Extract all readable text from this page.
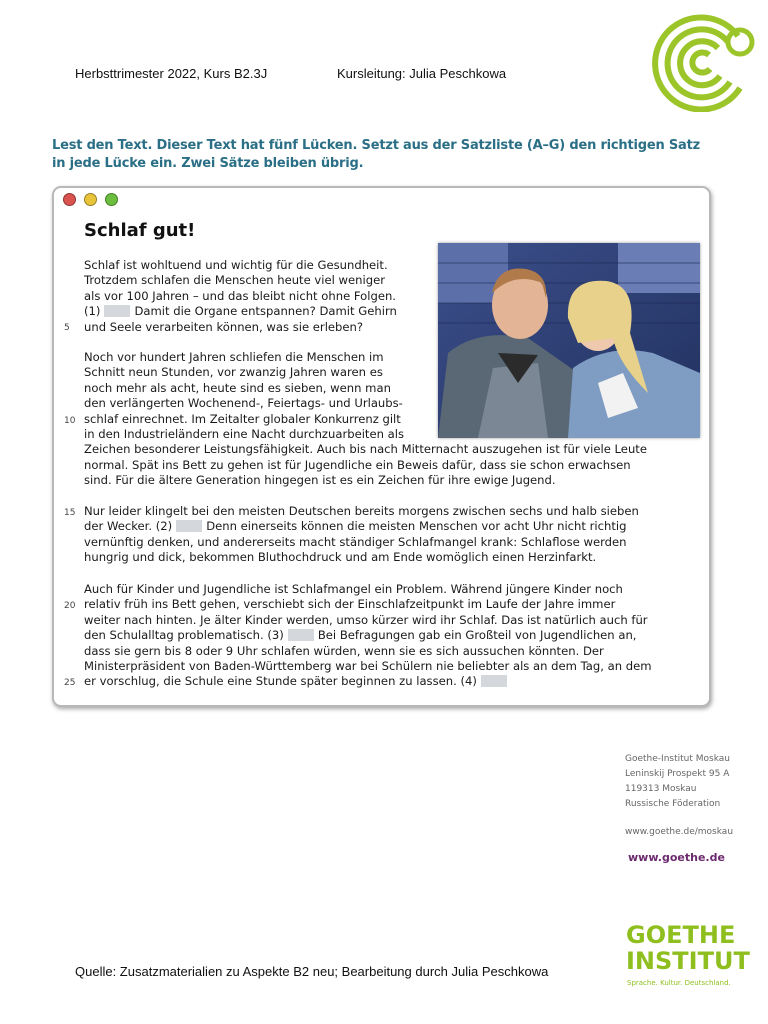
Herbsttrimester 2022, Kurs B2.3J	Kursleitung: Julia Peschkowa
Lest den Text. Dieser Text hat fünf Lücken. Setzt aus der Satzliste (A–G) den richtigen Satz in jede Lücke ein. Zwei Sätze bleiben übrig.
Schlaf gut!

Schlaf ist wohltuend und wichtig für die Gesundheit.

Trotzdem schlafen die Menschen heute viel weniger

als vor 100 Jahren – und das bleibt nicht ohne Folgen.

(1)	Damit die Organe entspannen? Damit Gehirn

und Seele verarbeiten können, was sie erleben?

Noch vor hundert Jahren schliefen die Menschen im

Schnitt neun Stunden, vor zwanzig Jahren waren es

noch mehr als acht, heute sind es sieben, wenn man

den verlängerten Wochenend-, Feiertags- und Urlaubs-

schlaf einrechnet. Im Zeitalter globaler Konkurrenz gilt

in den Industrieländern eine Nacht durchzuarbeiten als

Zeichen besonderer Leistungsfähigkeit. Auch bis nach Mitternacht auszugehen ist für viele Leute

normal. Spät ins Bett zu gehen ist für Jugendliche ein Beweis dafür, dass sie schon erwachsen

sind. Für die ältere Generation hingegen ist es ein Zeichen für ihre ewige Jugend.

Nur leider klingelt bei den meisten Deutschen bereits morgens zwischen sechs und halb sieben

der Wecker. (2)	Denn einerseits können die meisten Menschen vor acht Uhr nicht richtig

vernünftig denken, und andererseits macht ständiger Schlafmangel krank: Schlaflose werden

hungrig und dick, bekommen Bluthochdruck und am Ende womöglich einen Herzinfarkt.

Auch für Kinder und Jugendliche ist Schlafmangel ein Problem. Während jüngere Kinder noch

relativ früh ins Bett gehen, verschiebt sich der Einschlafzeitpunkt im Laufe der Jahre immer

weiter nach hinten. Je älter Kinder werden, umso kürzer wird ihr Schlaf. Das ist natürlich auch für

den Schulalltag problematisch. (3)	Bei Befragungen gab ein Großteil von Jugendlichen an,

dass sie gern bis 8 oder 9 Uhr schlafen würden, wenn sie es sich aussuchen könnten. Der

Ministerpräsident von Baden-Württemberg war bei Schülern nie beliebter als an dem Tag, an dem

er vorschlug, die Schule eine Stunde später beginnen zu lassen. (4)

5
10
15
20
25
Goethe-Institut Moskau
Leninskij Prospekt 95 A
119313 Moskau
Russische Föderation
www.goethe.de/moskau
www.goethe.de
GOETHE
INSTITUT
Sprache. Kultur. Deutschland.
Quelle: Zusatzmaterialien zu Aspekte B2 neu; Bearbeitung durch Julia Peschkowa
